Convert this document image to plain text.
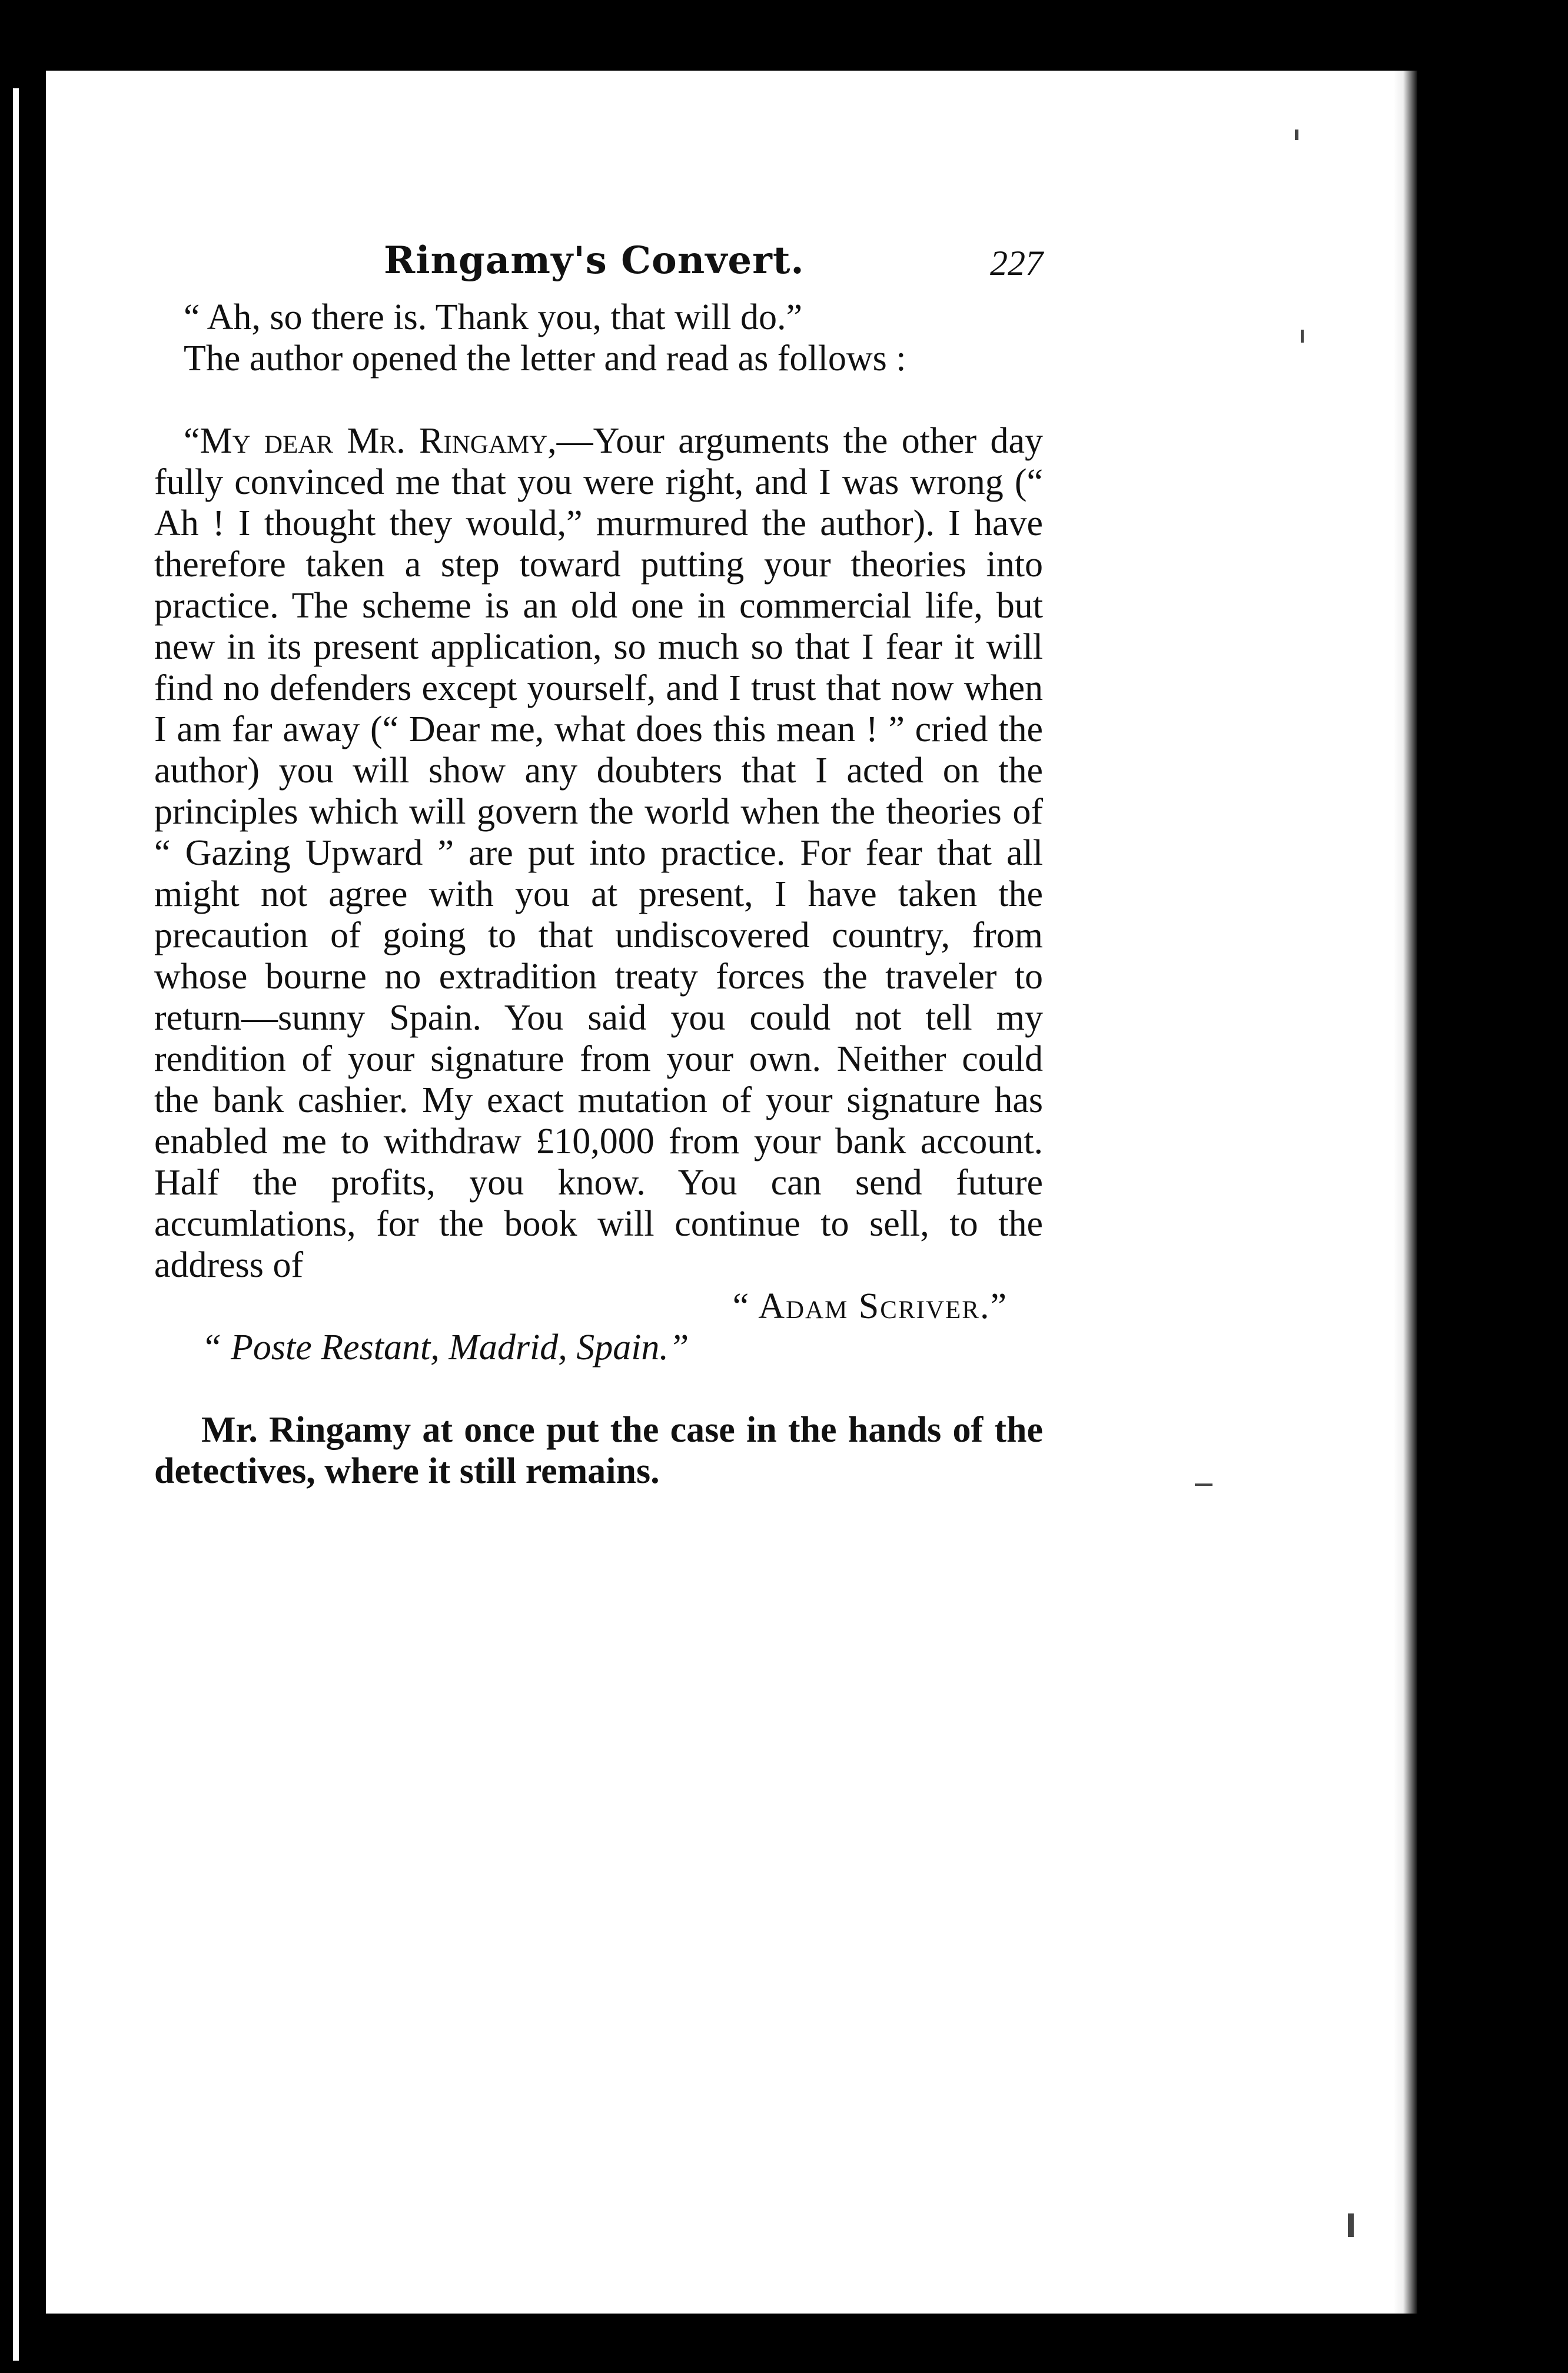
Ringamy's Convert.	227

“ Ah, so there is. Thank you, that will do.”

The author opened the letter and read as follows :

“My dear Mr. Ringamy,—Your arguments the other day fully convinced me that you were right, and I was wrong (“ Ah ! I thought they would,” murmured the author). I have therefore taken a step toward putting your theories into practice. The scheme is an old one in commercial life, but new in its present application, so much so that I fear it will find no defenders except yourself, and I trust that now when I am far away (“ Dear me, what does this mean ! ” cried the author) you will show any doubters that I acted on the principles which will govern the world when the theories of “ Gazing Upward ” are put into practice. For fear that all might not agree with you at present, I have taken the precaution of going to that undiscovered country, from whose bourne no extradition treaty forces the traveler to return—sunny Spain. You said you could not tell my rendition of your signature from your own. Neither could the bank cashier. My exact mutation of your signature has enabled me to withdraw £10,000 from your bank account. Half the profits, you know. You can send future accumlations, for the book will continue to sell, to the address of

“ Adam Scriver.”

“ Poste Restant, Madrid, Spain.”

Mr. Ringamy at once put the case in the hands of the detectives, where it still remains.
